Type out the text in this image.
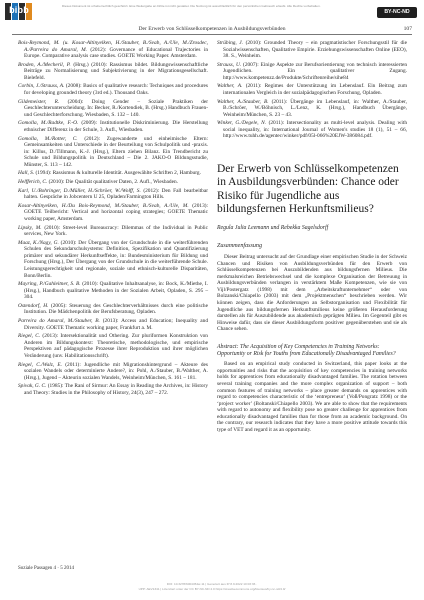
bibb	Dieses Dokument ist urheberrechtlich geschützt. Eine Weitergabe an Dritte ist nicht gestattet. Die Nutzung ist ausschließlich für den persönlichen Gebrauch erlaubt. Alle Rechte vorbehalten.
BY-NC-ND
Der Erwerb von Schlüsselkompetenzen in Ausbildungsverbünden	107

Bois-Reymond, M. (u. Kosar-Altinyelken, H./Stauber, B./Svab, A./Ule, M./Zrosdec, A./Parreira do Amaral, M. (2012): Governance of Educational Trajectories in Europe. Comparative analysis case studies. GOETE Working Paper. Amsterdam.

Broden, A./Mecheril, P. (Hrsg.) (2010): Rassismus bildet. Bildungswissenschaftliche Beiträge zu Normalisierung und Subjektivierung in der Migrationsgesellschaft. Bielefeld.

Corbin, J./Strauss, A. (2008): Basics of qualitative research: Techniques and procedures for developing grounded theory (3rd ed.). Thousand Oaks.

Gildemeister, R. (2004): Doing Gender – Soziale Praktiken der Geschlechterunterscheidung. In: Becker, R./Kortendiek, B. (Hrsg.) Handbuch Frauen- und Geschlechterforschung. Wiesbaden, S. 132 – 140.

Gomolla, M./Radtke, F.-O. (2009): Institutionelle Diskriminierung. Die Herstellung ethnischer Differenz in der Schule, 3. Aufl., Wiesbaden.

Gomolla, M./Rotter, C. (2012): Zugewanderte und einheimische Eltern: Gemeinsamkeiten und Unterschiede in der Beurteilung von Schulpolitik und -praxis. in: Killus, D./Tillmann, K.-J. (Hrsg.), Eltern ziehen Bilanz. Ein Trendbericht zu Schule und Bildungspolitik in Deutschland – Die 2. JAKO-O Bildungsstudie, Münster, S. 113 – 142.

Hall, S. (1994): Rassismus & kulturelle Identität. Ausgewählte Schriften 2, Hamburg.

Helfferich, C. (2010): Die Qualität qualitativer Daten, 2. Aufl., Wiesbaden.

Karl, U./Bohringer, D./Müller, H./Schröer, W./Wolff, S. (2012): Den Fall bearbeitbar halten. Gespräche in Jobcentern U 25, Opladen/Farmington Hills.

Kosar-Altinyelken, H./Du Bois-Reymond, M./Stauber, B./Svab, A./Ule, M. (2013): GOETE Teilbericht: Vertical and horizontal coping strategies; GOETE Thematic working paper, Amsterdam.

Lipsky, M. (2010): Street-level Bureaucracy: Dilemmas of the Individual in Public services, New York.

Maaz, K./Nagy, G. (2010): Der Übergang von der Grundschule in die weiterführenden Schulen des Sekundarschulsystems: Definition, Spezifikation und Quantifizierung primärer und sekundärer Herkunftseffekte, in: Bundesministerium für Bildung und Forschung (Hrsg.), Der Übergang von der Grundschule in die weiterführende Schule. Leistungsgerechtigkeit und regionale, soziale und ethnisch-kulturelle Disparitäten, Bonn/Berlin.

Mayring, P./Gahleitner, S. B. (2010): Qualitative Inhaltsanalyse, in: Bock, K./Miethe, I. (Hrsg.), Handbuch qualitative Methoden in der Sozialen Arbeit, Opladen, S. 295 – 304.

Ostendorf, H. (2005): Steuerung des Geschlechterverhältnisses durch eine politische Institution. Die Mädchenpolitik der Berufsberatung, Opladen.

Parreira do Amaral, M./Stauber, B. (2013): Access and Education; Inequality and Diversity. GOETE Thematic working paper, Frankfurt a. M.

Riegel, C. (2013): Intersektionalität und Othering. Zur pluriformen Konstruktion von Anderen im Bildungskontext: Theoretische, methodologische, und empirische Perspektiven auf pädagogische Prozesse ihrer Reproduktion und ihrer möglichen Veränderung (unv. Habilitationsschrift).

Riegel, C./Walz, E. (2011): Jugendliche mit Migrationshintergrund – Akteure des sozialen Wandels oder determinierte Andere?, in: Pohl, A./Stauber, B./Walther, A. (Hrsg.), Jugend – Akteurin sozialen Wandels, Weinheim/München, S. 161 – 181.

Spivak, G. C. (1985): The Rani of Sirmur: An Essay in Reading the Archives, in: History and Theory: Studies in the Philosophy of History, 24(3), 247 – 272.

Strübing, J. (2010): Grounded Theory – ein pragmatistischer Forschungsstil für die Sozialwissenschaften, Qualitative Empirie. Erziehungswissenschaften Online (EEO), 38. S., Weinheim.

Strauss, U. (2007): Einige Aspekte zur Berufsorientierung von technisch interessierten Jugendlichen. Ein qualitativer Zugang. http://www.kompetenzz.de/Produkte/Schriftenreihe/sihe84

Walther, A. (2011): Regimes der Unterstützung im Lebenslauf. Ein Beitrag zum internationalen Vergleich in der sozialpädagogischen Forschung, Opladen.

Walther, A./Stauber, B. (2011): Übergänge im Lebenslauf, in: Walther, A./Stauber, B./Schröer, W./Böhnisch, L./Lenz, K. (Hrsg.), Handbuch Übergänge, Weinheim/München, S. 23 – 43.

Winker, G./Degele, N. (2011): Intersectionality as multi-level analysis. Dealing with social inequality, in: International Journal of Women's studies 18 (1), 51 – 66, http://www.tuhh.de/agentec/winker/pdf/05l-066%20EJW-386084.pdf.

Der Erwerb von Schlüsselkompetenzen in Ausbildungsverbünden: Chance oder Risiko für Jugendliche aus bildungsfernen Herkunftsmilieus?

Regula Julia Leemann und Rebekka Sagelsdorff

Zusammenfassung

Dieser Beitrag untersucht auf der Grundlage einer empirischen Studie in der Schweiz Chancen und Risiken von Ausbildungsverbünden für den Erwerb von Schlüsselkompetenzen bei Auszubildenden aus bildungsfernen Milieus. Die merkmalsreichen Betriebswechsel und die komplexe Organisation der Betreuung in Ausbildungsverbünden verlangen in verstärktem Maße Kompetenzen, wie sie von Vijl/Postergatz (1998) mit dem „Arbeitskraftunternehmer“ oder von Bolzanski/Chiapello (2003) mit dem „Projektmenschen“ beschrieben werden. Wir können zeigen, dass die Anforderungen an Selbstorganisation und Flexibilität für Jugendliche aus bildungsfernen Herkunftsmilieus keine größeren Herausforderung darstellen als für Auszubildende aus akademisch geprägten Milieu. Im Gegenteil gibt es Hinweise dafür, dass sie dieser Ausbildungsform positiver gegenüberstehen und sie als Chance sehen.

Abstract: The Acquisition of Key Competencies in Training Networks: Opportunity or Risk for Youths from Educationally Disadvantaged Families?

Based on an empirical study conducted in Switzerland, this paper looks at the opportunities and risks that the acquisition of key competencies in training networks holds for apprentices from educationally disadvantaged families. The rotation between several training companies and the more complex organization of support – both common features of training networks – place greater demands on apprentices with regard to competencies characteristic of the ‘entrepreneur’ (Voß/Pongratz 1998) or the ‘project worker’ (Boltanski/Chiapello 2003). We are able to show that the requirements with regard to autonomy and flexibility pose no greater challenge for apprentices from educationally disadvantaged families than for those from an academic background. On the contrary, our research indicates that they have a more positive attitude towards this type of VET and regard it as an opportunity.

Soziale Passagen 4 · 5 2014
DOI: 10.3278/6004454w-11 | Generiert aus IP 8.9.2022 10:03:36 ·
UPP: AEV1341 | Lizenziert unter der CC BY-NC-ND 4.0 https://creativecommons.org/licenses/by-nc-nd/4.0/
